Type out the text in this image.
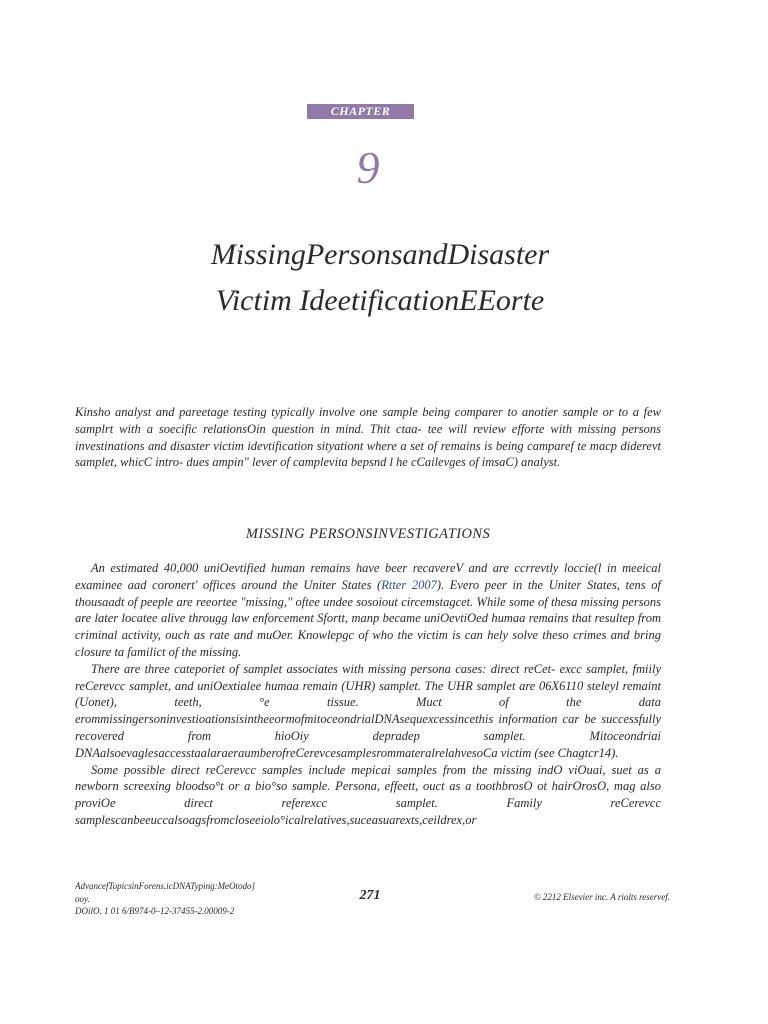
CHAPTER
9
MissingPersonsandDisaster
Victim IdeetificationEEorte

Kinsho analyst and pareetage testing typically involve one sample being comparer to anotier sample or to a few samplrt with a soecific relationsOin question in mind. Thit ctaa- tee will review efforte with missing persons investinations and disaster victim idevtification sityationt where a set of remains is being camparef te macp diderevt samplet, whicC intro- dues ampin" lever of camplevita bepsnd l he cCailevges of imsaC) analyst.

MISSING PERSONSINVESTIGATIONS

An estimated 40,000 uniOevtified human remains have beer recavereV and are ccrrevtly loccie(l in meeical examinee aad coronert' offices around the Uniter States (Rtter 2007). Evero peer in the Uniter States, tens of thousaadt of peeple are reeortee "missing," oftee undee sosoiout circemstagcet. While some of thesa missing persons are later locatee alive througg law enforcement Sfortt, manp became uniOevtiOed humaa remains that resultep from criminal activity, ouch as rate and muOer. Knowlepgc of who the victim is can hely solve theso crimes and bring closure ta familict of the missing.

There are three cateporiet of samplet associates with missing persona cases: direct reCet- excc samplet, fmiily reCerevcc samplet, and uniOextialee humaa remain (UHR) samplet. The UHR samplet are 06X6110 steleyl remaint (Uonet), teeth, °e tissue. Muct of the data erommissingersoninvestioationsisintheeormofmitoceondrialDNAsequexcessincethis information car be successfully recovered from hioOiy depradep samplet. Mitoceondriai DNAalsoevaglesaccesstaalaraeraumberofreCerevcesamplesrommateralrelahvesoCa victim (see Chagtcr14).

Some possible direct reCerevcc samples include mepicai samples from the missing indO viOuai, suet as a newborn screexing bloodso°t or a bio°so sample. Persona, effeett, ouct as a toothbrosO ot hairOrosO, mag also proviOe direct referexcc samplet. Family reCerevcc samplescanbeeuccalsoagsfromcloseeiolo°icalrelatives,suceasuarexts,ceildrex,or

AdvancefTopicsinForens.icDNATyping:MeOtodo]
ooy.
DOilO. 1 01 6/B974-0–12-37455-2.00009-2
271	© 2212 Elsevier inc. A riolts reservef.
